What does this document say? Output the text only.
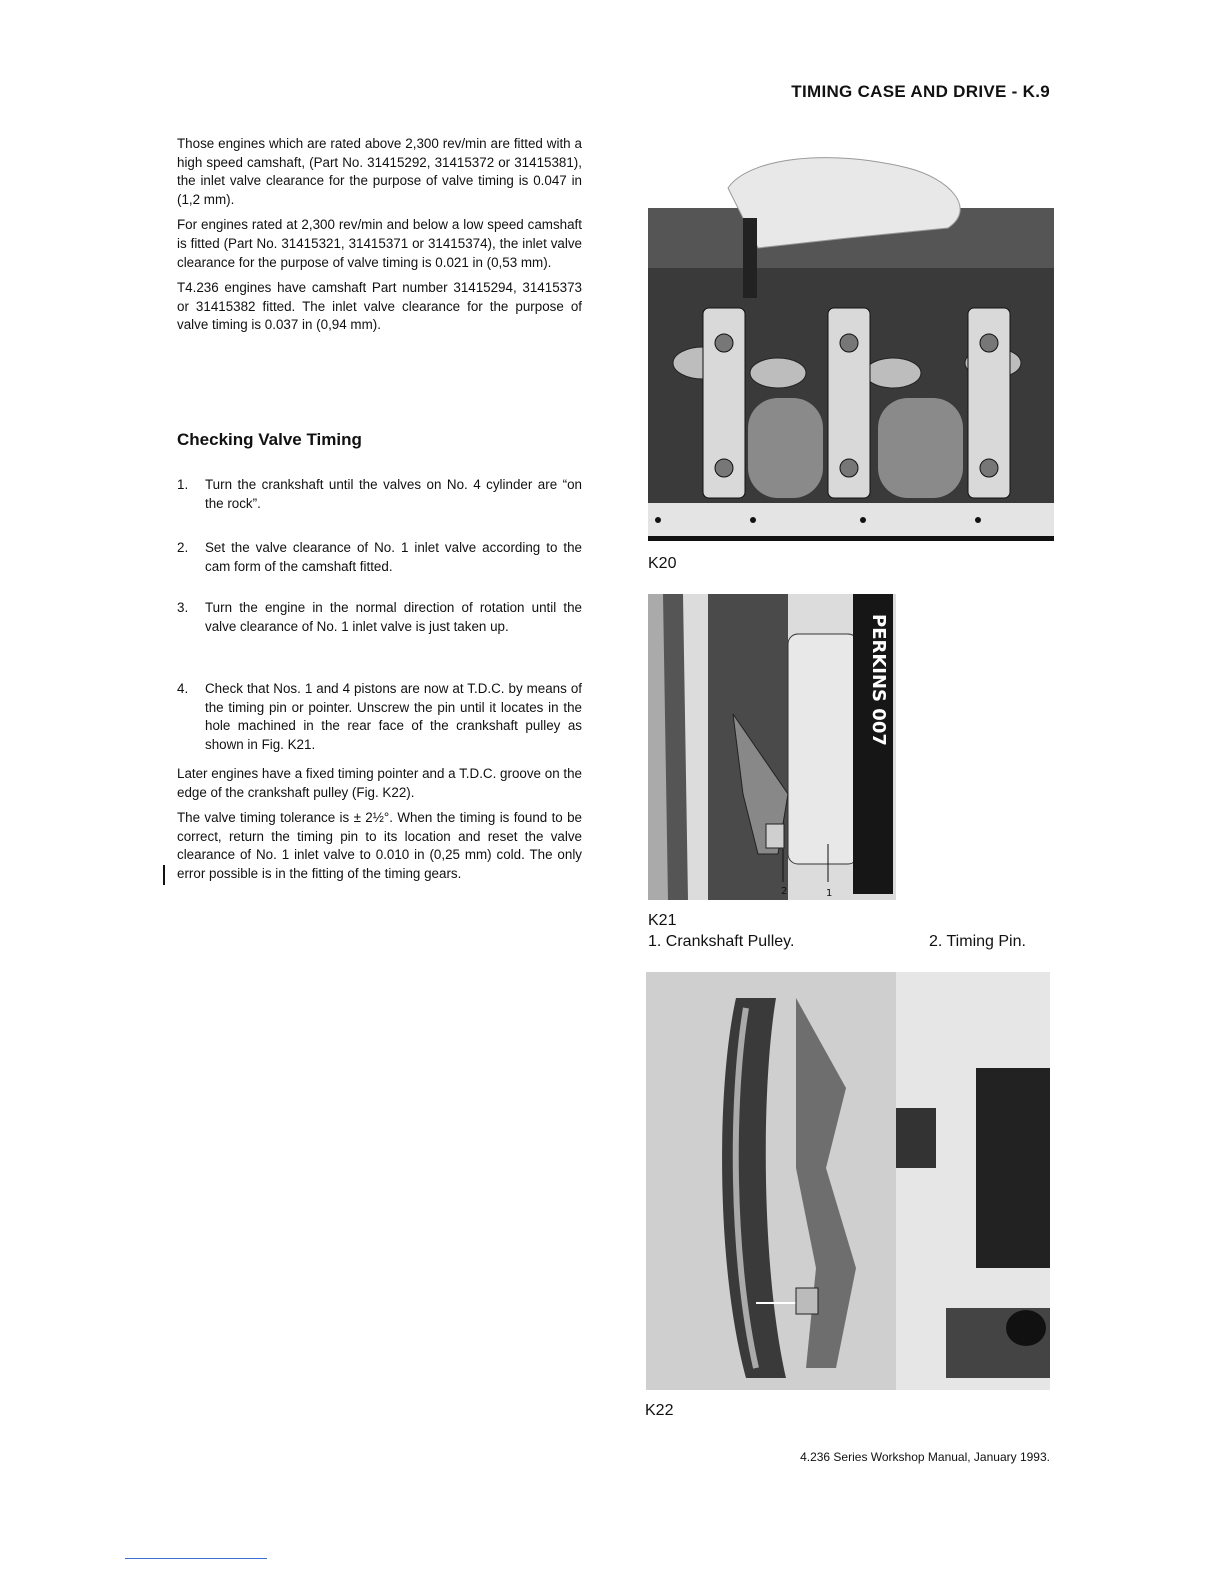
TIMING CASE AND DRIVE - K.9

Those engines which are rated above 2,300 rev/min are fitted with a high speed camshaft, (Part No. 31415292, 31415372 or 31415381), the inlet valve clearance for the purpose of valve timing is 0.047 in (1,2 mm).

For engines rated at 2,300 rev/min and below a low speed camshaft is fitted (Part No. 31415321, 31415371 or 31415374), the inlet valve clearance for the purpose of valve timing is 0.021 in (0,53 mm).

T4.236 engines have camshaft Part number 31415294, 31415373 or 31415382 fitted. The inlet valve clearance for the purpose of valve timing is 0.037 in (0,94 mm).

Checking Valve Timing
1. Turn the crankshaft until the valves on No. 4 cylinder are “on the rock”.
2. Set the valve clearance of No. 1 inlet valve according to the cam form of the camshaft fitted.
3. Turn the engine in the normal direction of rotation until the valve clearance of No. 1 inlet valve is just taken up.
4. Check that Nos. 1 and 4 pistons are now at T.D.C. by means of the timing pin or pointer. Unscrew the pin until it locates in the hole machined in the rear face of the crankshaft pulley as shown in Fig. K21.

Later engines have a fixed timing pointer and a T.D.C. groove on the edge of the crankshaft pulley (Fig. K22).

The valve timing tolerance is ± 2½°. When the timing is found to be correct, return the timing pin to its location and reset the valve clearance of No. 1 inlet valve to 0.010 in (0,25 mm) cold. The only error possible is in the fitting of the timing gears.

K20
PERKINS 007
2	1
K21
1. Crankshaft Pulley.	2. Timing Pin.
K22
4.236 Series Workshop Manual, January 1993.
